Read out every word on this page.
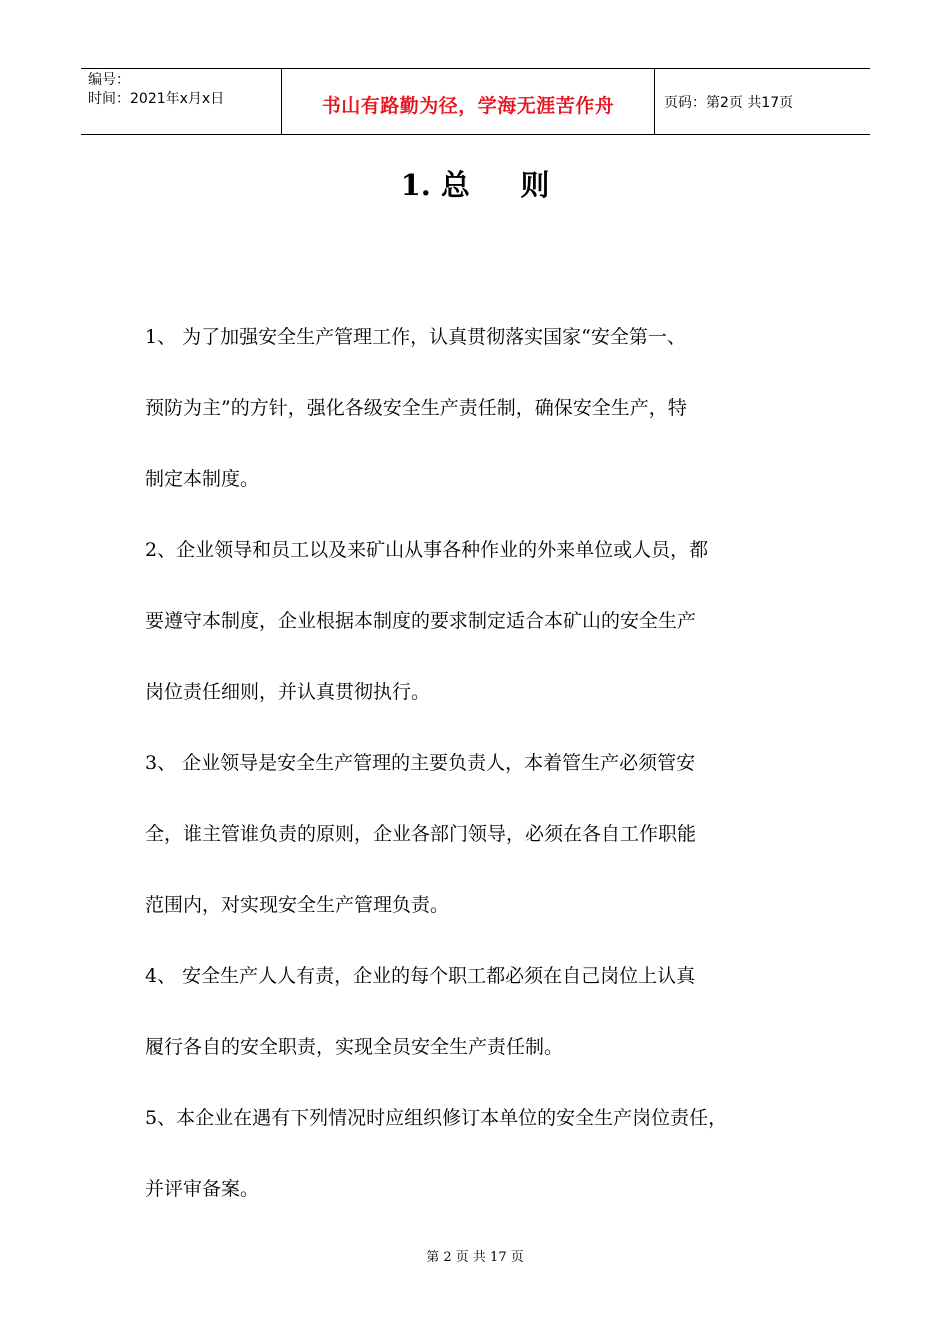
编号：
时间：2021年x月x日	书山有路勤为径，学海无涯苦作舟	页码：第2页 共17页
1. 总     则

1、 为了加强安全生产管理工作，认真贯彻落实国家“安全第一、
预防为主”的方针，强化各级安全生产责任制，确保安全生产，特
制定本制度。

2、企业领导和员工以及来矿山从事各种作业的外来单位或人员，都
要遵守本制度，企业根据本制度的要求制定适合本矿山的安全生产
岗位责任细则，并认真贯彻执行。

3、 企业领导是安全生产管理的主要负责人，本着管生产必须管安
全，谁主管谁负责的原则，企业各部门领导，必须在各自工作职能
范围内，对实现安全生产管理负责。

4、 安全生产人人有责，企业的每个职工都必须在自己岗位上认真
履行各自的安全职责，实现全员安全生产责任制。

5、本企业在遇有下列情况时应组织修订本单位的安全生产岗位责任，
并评审备案。

第 2 页 共 17 页
